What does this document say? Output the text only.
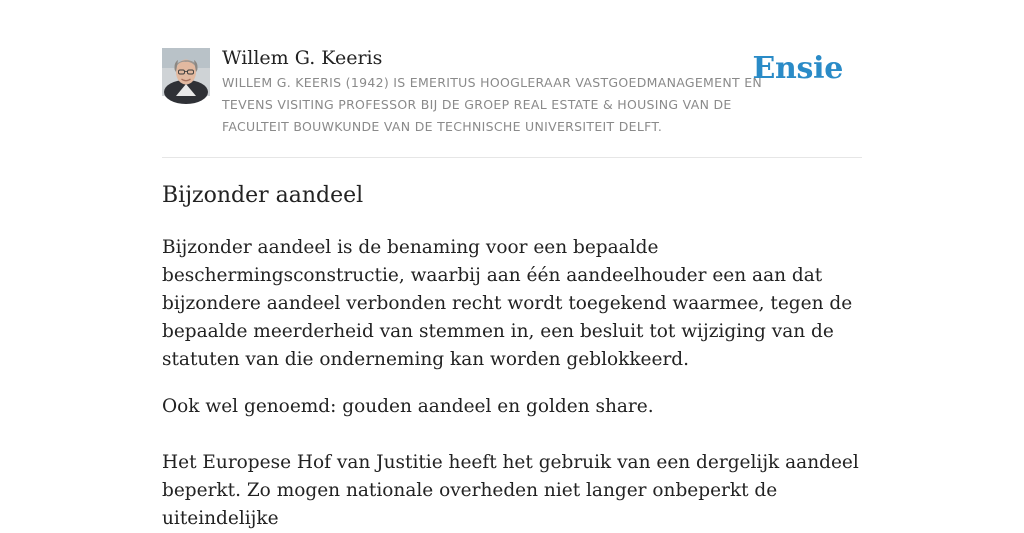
Willem G. Keeris
WILLEM G. KEERIS (1942) IS EMERITUS HOOGLERAAR VASTGOEDMANAGEMENT EN TEVENS VISITING PROFESSOR BIJ DE GROEP REAL ESTATE & HOUSING VAN DE FACULTEIT BOUWKUNDE VAN DE TECHNISCHE UNIVERSITEIT DELFT.
Ensie
Bijzonder aandeel

Bijzonder aandeel is de benaming voor een bepaalde beschermingsconstructie, waarbij aan één aandeelhouder een aan dat bijzondere aandeel verbonden recht wordt toegekend waarmee, tegen de bepaalde meerderheid van stemmen in, een besluit tot wijziging van de statuten van die onderneming kan worden geblokkeerd.

Ook wel genoemd: gouden aandeel en golden share.

Het Europese Hof van Justitie heeft het gebruik van een dergelijk aandeel beperkt. Zo mogen nationale overheden niet langer onbeperkt de uiteindelijke
